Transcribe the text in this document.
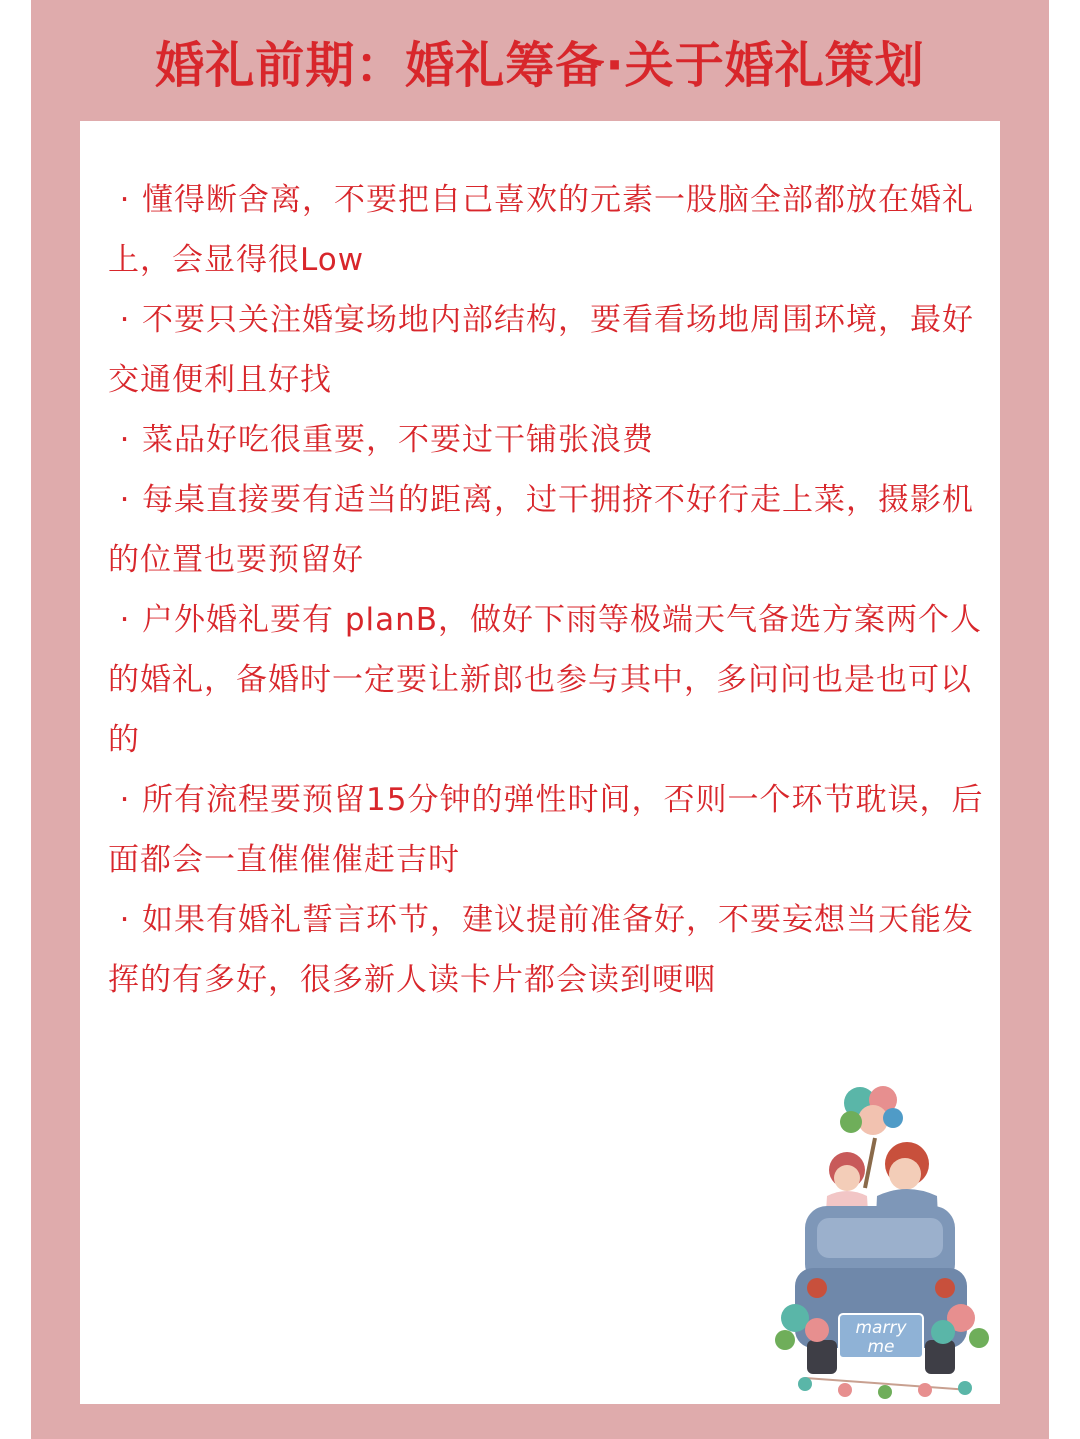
婚礼前期：婚礼筹备·关于婚礼策划
· 懂得断舍离，不要把自己喜欢的元素一股脑全部都放在婚礼上，会显得很Low
· 不要只关注婚宴场地内部结构，要看看场地周围环境，最好交通便利且好找
· 菜品好吃很重要，不要过干铺张浪费
· 每桌直接要有适当的距离，过干拥挤不好行走上菜，摄影机的位置也要预留好
· 户外婚礼要有 planB，做好下雨等极端天气备选方案两个人的婚礼，备婚时一定要让新郎也参与其中，多问问也是也可以的
· 所有流程要预留15分钟的弹性时间，否则一个环节耽误，后面都会一直催催催赶吉时
· 如果有婚礼誓言环节，建议提前准备好，不要妄想当天能发挥的有多好，很多新人读卡片都会读到哽咽
marry
me
